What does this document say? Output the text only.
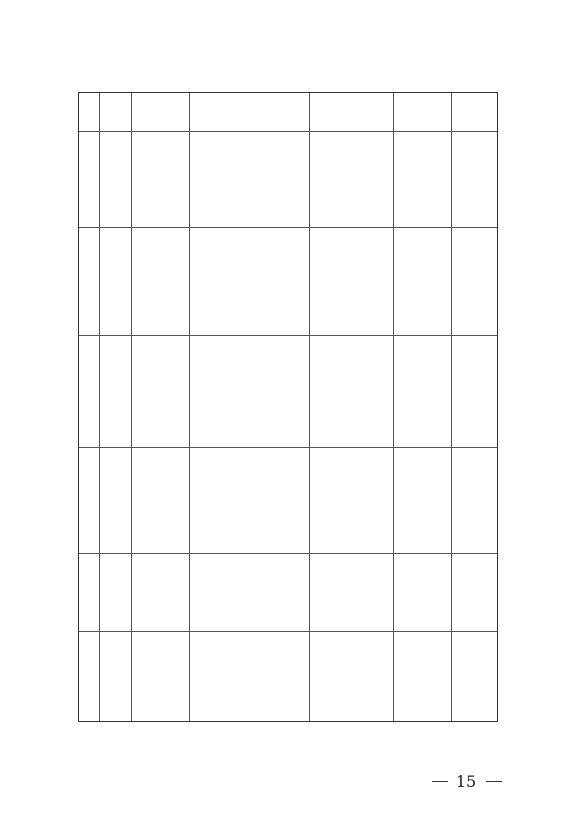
15
